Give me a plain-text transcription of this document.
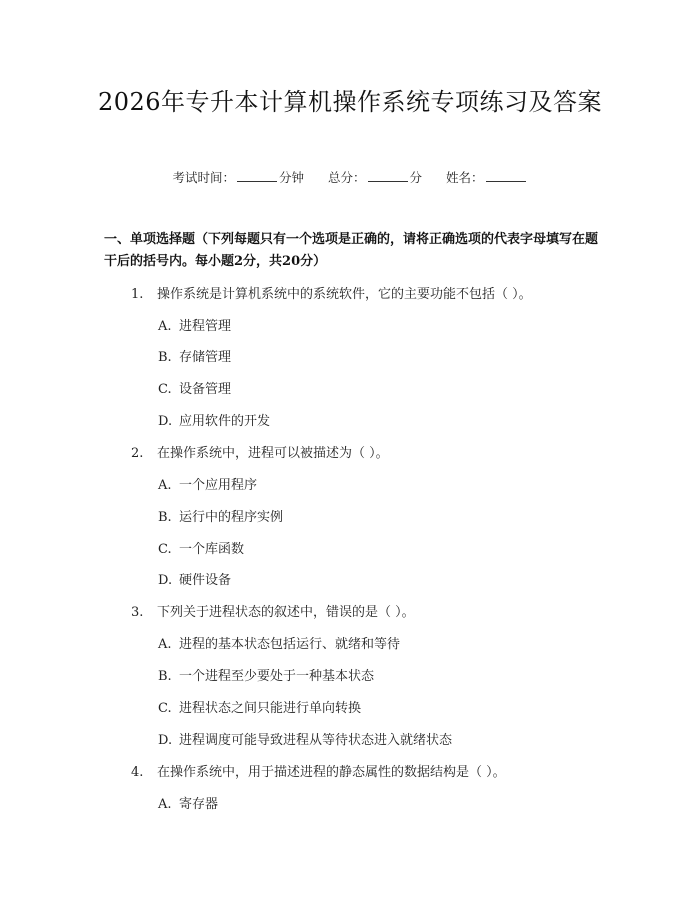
2026年专升本计算机操作系统专项练习及答案
考试时间：	分钟 总分：	分 姓名：
一、单项选择题（下列每题只有一个选项是正确的，请将正确选项的代表字母填写在题干后的括号内。每小题2分，共20分）
1. 操作系统是计算机系统中的系统软件，它的主要功能不包括（ ）。
A. 进程管理
B. 存储管理
C. 设备管理
D. 应用软件的开发
2. 在操作系统中，进程可以被描述为（ ）。
A. 一个应用程序
B. 运行中的程序实例
C. 一个库函数
D. 硬件设备
3. 下列关于进程状态的叙述中，错误的是（ ）。
A. 进程的基本状态包括运行、就绪和等待
B. 一个进程至少要处于一种基本状态
C. 进程状态之间只能进行单向转换
D. 进程调度可能导致进程从等待状态进入就绪状态
4. 在操作系统中，用于描述进程的静态属性的数据结构是（ ）。
A. 寄存器
